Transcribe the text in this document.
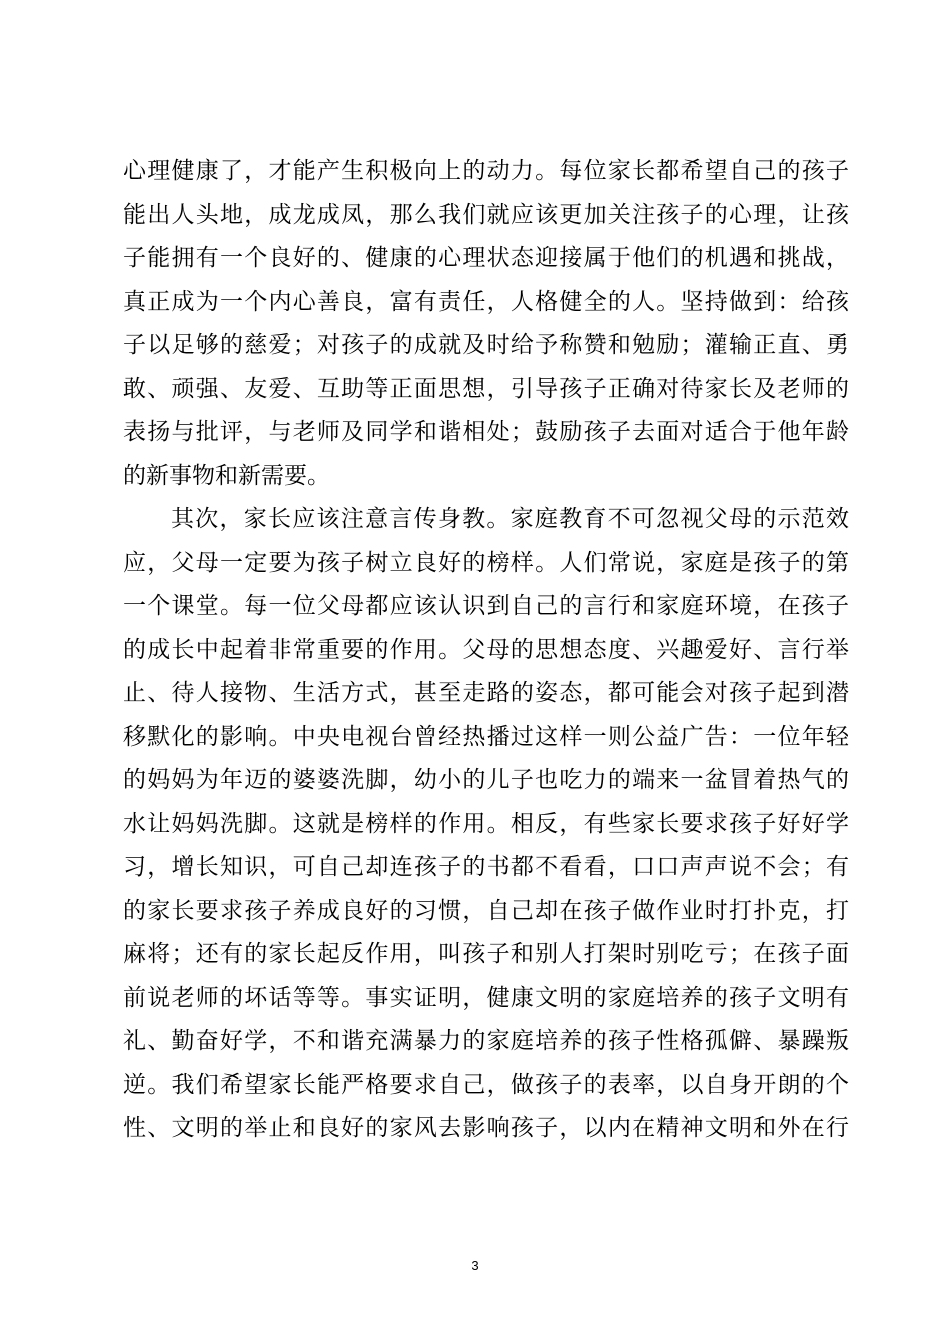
心理健康了，才能产生积极向上的动力。每位家长都希望自己的孩子
能出人头地，成龙成凤，那么我们就应该更加关注孩子的心理，让孩
子能拥有一个良好的、健康的心理状态迎接属于他们的机遇和挑战，
真正成为一个内心善良，富有责任，人格健全的人。坚持做到：给孩
子以足够的慈爱；对孩子的成就及时给予称赞和勉励；灌输正直、勇
敢、顽强、友爱、互助等正面思想，引导孩子正确对待家长及老师的
表扬与批评，与老师及同学和谐相处；鼓励孩子去面对适合于他年龄
的新事物和新需要。
其次，家长应该注意言传身教。家庭教育不可忽视父母的示范效
应，父母一定要为孩子树立良好的榜样。人们常说，家庭是孩子的第
一个课堂。每一位父母都应该认识到自己的言行和家庭环境，在孩子
的成长中起着非常重要的作用。父母的思想态度、兴趣爱好、言行举
止、待人接物、生活方式，甚至走路的姿态，都可能会对孩子起到潜
移默化的影响。中央电视台曾经热播过这样一则公益广告：一位年轻
的妈妈为年迈的婆婆洗脚，幼小的儿子也吃力的端来一盆冒着热气的
水让妈妈洗脚。这就是榜样的作用。相反，有些家长要求孩子好好学
习，增长知识，可自己却连孩子的书都不看看，口口声声说不会；有
的家长要求孩子养成良好的习惯，自己却在孩子做作业时打扑克，打
麻将；还有的家长起反作用，叫孩子和别人打架时别吃亏；在孩子面
前说老师的坏话等等。事实证明，健康文明的家庭培养的孩子文明有
礼、勤奋好学，不和谐充满暴力的家庭培养的孩子性格孤僻、暴躁叛
逆。我们希望家长能严格要求自己，做孩子的表率，以自身开朗的个
性、文明的举止和良好的家风去影响孩子，以内在精神文明和外在行
3
